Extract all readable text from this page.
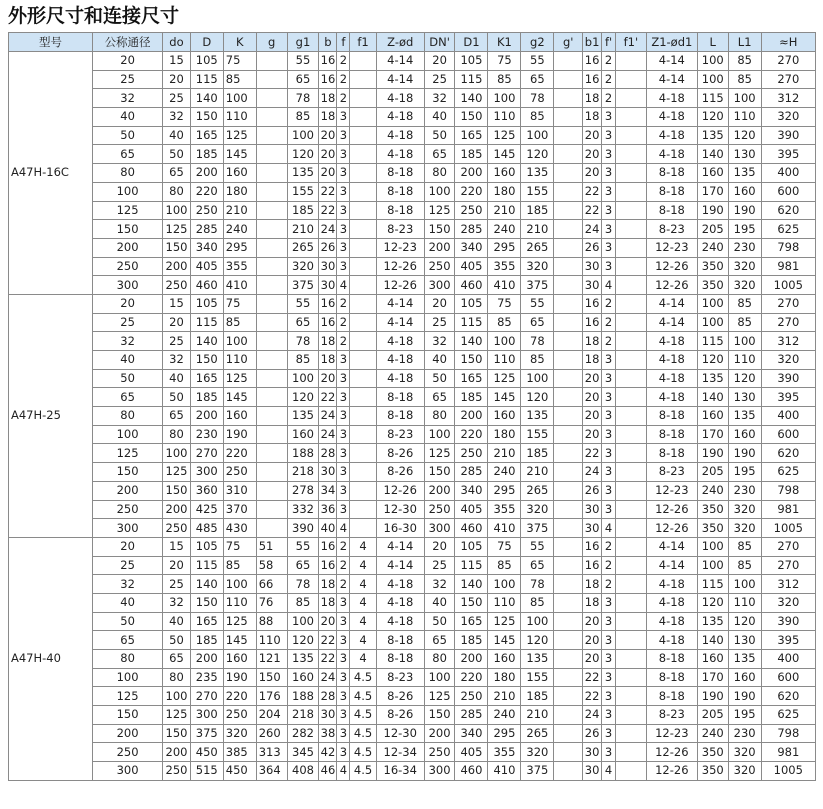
外形尺寸和连接尺寸
型号	公称通径	do	D	K	g	g1	b	f	f1	Z-ød	DN'	D1	K1	g2	g'	b1	f'	f1'	Z1-ød1	L	L1	≈H
A47H-16C	20	15	105	75		55	16	2		4-14	20	105	75	55		16	2		4-14	100	85	270
	25	20	115	85		65	16	2		4-14	25	115	85	65		16	2		4-14	100	85	270
	32	25	140	100		78	18	2		4-18	32	140	100	78		18	2		4-18	115	100	312
	40	32	150	110		85	18	3		4-18	40	150	110	85		18	3		4-18	120	110	320
	50	40	165	125		100	20	3		4-18	50	165	125	100		20	3		4-18	135	120	390
	65	50	185	145		120	20	3		4-18	65	185	145	120		20	3		4-18	140	130	395
	80	65	200	160		135	20	3		8-18	80	200	160	135		20	3		8-18	160	135	400
	100	80	220	180		155	22	3		8-18	100	220	180	155		22	3		8-18	170	160	600
	125	100	250	210		185	22	3		8-18	125	250	210	185		22	3		8-18	190	190	620
	150	125	285	240		210	24	3		8-23	150	285	240	210		24	3		8-23	205	195	625
	200	150	340	295		265	26	3		12-23	200	340	295	265		26	3		12-23	240	230	798
	250	200	405	355		320	30	3		12-26	250	405	355	320		30	3		12-26	350	320	981
	300	250	460	410		375	30	4		12-26	300	460	410	375		30	4		12-26	350	320	1005
A47H-25	20	15	105	75		55	16	2		4-14	20	105	75	55		16	2		4-14	100	85	270
	25	20	115	85		65	16	2		4-14	25	115	85	65		16	2		4-14	100	85	270
	32	25	140	100		78	18	2		4-18	32	140	100	78		18	2		4-18	115	100	312
	40	32	150	110		85	18	3		4-18	40	150	110	85		18	3		4-18	120	110	320
	50	40	165	125		100	20	3		4-18	50	165	125	100		20	3		4-18	135	120	390
	65	50	185	145		120	22	3		8-18	65	185	145	120		20	3		4-18	140	130	395
	80	65	200	160		135	24	3		8-18	80	200	160	135		20	3		8-18	160	135	400
	100	80	230	190		160	24	3		8-23	100	220	180	155		20	3		8-18	170	160	600
	125	100	270	220		188	28	3		8-26	125	250	210	185		22	3		8-18	190	190	620
	150	125	300	250		218	30	3		8-26	150	285	240	210		24	3		8-23	205	195	625
	200	150	360	310		278	34	3		12-26	200	340	295	265		26	3		12-23	240	230	798
	250	200	425	370		332	36	3		12-30	250	405	355	320		30	3		12-26	350	320	981
	300	250	485	430		390	40	4		16-30	300	460	410	375		30	4		12-26	350	320	1005
A47H-40	20	15	105	75	51	55	16	2	4	4-14	20	105	75	55		16	2		4-14	100	85	270
	25	20	115	85	58	65	16	2	4	4-14	25	115	85	65		16	2		4-14	100	85	270
	32	25	140	100	66	78	18	2	4	4-18	32	140	100	78		18	2		4-18	115	100	312
	40	32	150	110	76	85	18	3	4	4-18	40	150	110	85		18	3		4-18	120	110	320
	50	40	165	125	88	100	20	3	4	4-18	50	165	125	100		20	3		4-18	135	120	390
	65	50	185	145	110	120	22	3	4	8-18	65	185	145	120		20	3		4-18	140	130	395
	80	65	200	160	121	135	22	3	4	8-18	80	200	160	135		20	3		8-18	160	135	400
	100	80	235	190	150	160	24	3	4.5	8-23	100	220	180	155		22	3		8-18	170	160	600
	125	100	270	220	176	188	28	3	4.5	8-26	125	250	210	185		22	3		8-18	190	190	620
	150	125	300	250	204	218	30	3	4.5	8-26	150	285	240	210		24	3		8-23	205	195	625
	200	150	375	320	260	282	38	3	4.5	12-30	200	340	295	265		26	3		12-23	240	230	798
	250	200	450	385	313	345	42	3	4.5	12-34	250	405	355	320		30	3		12-26	350	320	981
	300	250	515	450	364	408	46	4	4.5	16-34	300	460	410	375		30	4		12-26	350	320	1005
